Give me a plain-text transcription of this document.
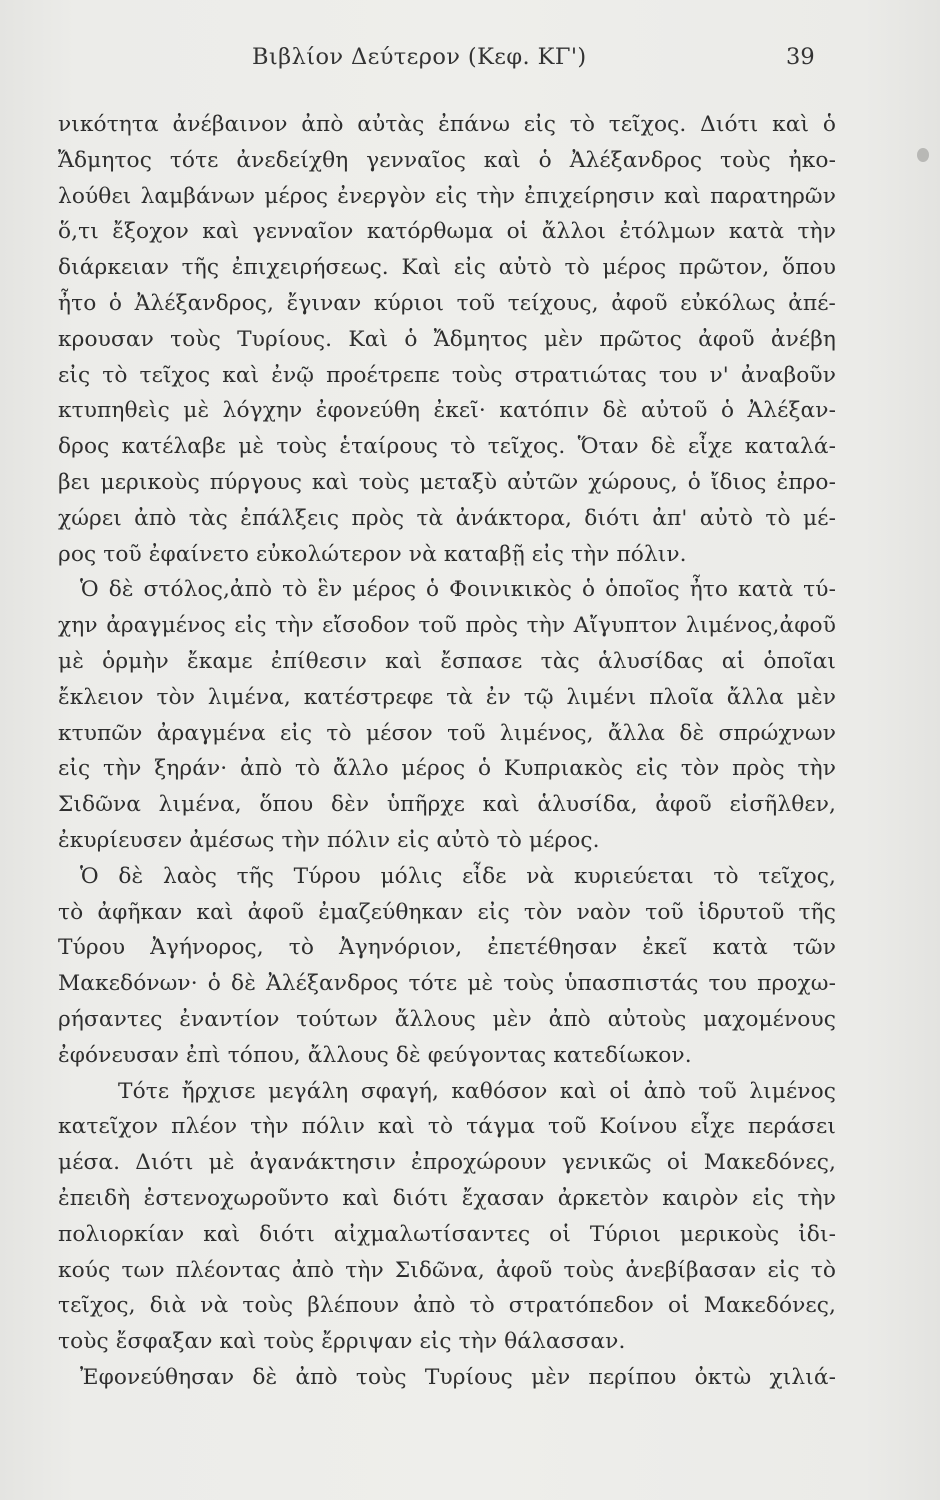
Βιβλίον Δεύτερον (Κεφ. ΚΓ')	39
νικότητα ἀνέβαινον ἀπὸ αὐτὰς ἐπάνω εἰς τὸ τεῖχος. Διότι καὶ ὁ
Ἄδμητος τότε ἀνεδείχθη γενναῖος καὶ ὁ Ἀλέξανδρος τοὺς ἠκο-
λούθει λαμβάνων μέρος ἐνεργὸν εἰς τὴν ἐπιχείρησιν καὶ παρατηρῶν
ὅ,τι ἔξοχον καὶ γενναῖον κατόρθωμα οἱ ἄλλοι ἐτόλμων κατὰ τὴν
διάρκειαν τῆς ἐπιχειρήσεως. Καὶ εἰς αὐτὸ τὸ μέρος πρῶτον, ὅπου
ἦτο ὁ Ἀλέξανδρος, ἔγιναν κύριοι τοῦ τείχους, ἀφοῦ εὐκόλως ἀπέ-
κρουσαν τοὺς Τυρίους. Καὶ ὁ Ἄδμητος μὲν πρῶτος ἀφοῦ ἀνέβη
εἰς τὸ τεῖχος καὶ ἐνῷ προέτρεπε τοὺς στρατιώτας του ν' ἀναβοῦν
κτυπηθεὶς μὲ λόγχην ἐφονεύθη ἐκεῖ· κατόπιν δὲ αὐτοῦ ὁ Ἀλέξαν-
δρος κατέλαβε μὲ τοὺς ἑταίρους τὸ τεῖχος. Ὅταν δὲ εἶχε καταλά-
βει μερικοὺς πύργους καὶ τοὺς μεταξὺ αὐτῶν χώρους, ὁ ἴδιος ἐπρο-
χώρει ἀπὸ τὰς ἐπάλξεις πρὸς τὰ ἀνάκτορα, διότι ἀπ' αὐτὸ τὸ μέ-
ρος τοῦ ἐφαίνετο εὐκολώτερον νὰ καταβῇ εἰς τὴν πόλιν.
Ὁ δὲ στόλος,ἀπὸ τὸ ἓν μέρος ὁ Φοινικικὸς ὁ ὁποῖος ἦτο κατὰ τύ-
χην ἀραγμένος εἰς τὴν εἴσοδον τοῦ πρὸς τὴν Αἴγυπτον λιμένος,ἀφοῦ
μὲ ὁρμὴν ἔκαμε ἐπίθεσιν καὶ ἔσπασε τὰς ἁλυσίδας αἱ ὁποῖαι
ἔκλειον τὸν λιμένα, κατέστρεφε τὰ ἐν τῷ λιμένι πλοῖα ἄλλα μὲν
κτυπῶν ἀραγμένα εἰς τὸ μέσον τοῦ λιμένος, ἄλλα δὲ σπρώχνων
εἰς τὴν ξηράν· ἀπὸ τὸ ἄλλο μέρος ὁ Κυπριακὸς εἰς τὸν πρὸς τὴν
Σιδῶνα λιμένα, ὅπου δὲν ὑπῆρχε καὶ ἁλυσίδα, ἀφοῦ εἰσῆλθεν,
ἐκυρίευσεν ἀμέσως τὴν πόλιν εἰς αὐτὸ τὸ μέρος.
Ὁ δὲ λαὸς τῆς Τύρου μόλις εἶδε νὰ κυριεύεται τὸ τεῖχος,
τὸ ἀφῆκαν καὶ ἀφοῦ ἐμαζεύθηκαν εἰς τὸν ναὸν τοῦ ἱδρυτοῦ τῆς
Τύρου Ἀγήνορος, τὸ Ἀγηνόριον, ἐπετέθησαν ἐκεῖ κατὰ τῶν
Μακεδόνων· ὁ δὲ Ἀλέξανδρος τότε μὲ τοὺς ὑπασπιστάς του προχω-
ρήσαντες ἐναντίον τούτων ἄλλους μὲν ἀπὸ αὐτοὺς μαχομένους
ἐφόνευσαν ἐπὶ τόπου, ἄλλους δὲ φεύγοντας κατεδίωκον.
Τότε ἤρχισε μεγάλη σφαγή, καθόσον καὶ οἱ ἀπὸ τοῦ λιμένος
κατεῖχον πλέον τὴν πόλιν καὶ τὸ τάγμα τοῦ Κοίνου εἶχε περάσει
μέσα. Διότι μὲ ἀγανάκτησιν ἐπροχώρουν γενικῶς οἱ Μακεδόνες,
ἐπειδὴ ἐστενοχωροῦντο καὶ διότι ἔχασαν ἀρκετὸν καιρὸν εἰς τὴν
πολιορκίαν καὶ διότι αἰχμαλωτίσαντες οἱ Τύριοι μερικοὺς ἰδι-
κούς των πλέοντας ἀπὸ τὴν Σιδῶνα, ἀφοῦ τοὺς ἀνεβίβασαν εἰς τὸ
τεῖχος, διὰ νὰ τοὺς βλέπουν ἀπὸ τὸ στρατόπεδον οἱ Μακεδόνες,
τοὺς ἔσφαξαν καὶ τοὺς ἔρριψαν εἰς τὴν θάλασσαν.
Ἐφονεύθησαν δὲ ἀπὸ τοὺς Τυρίους μὲν περίπου ὀκτὼ χιλιά-
